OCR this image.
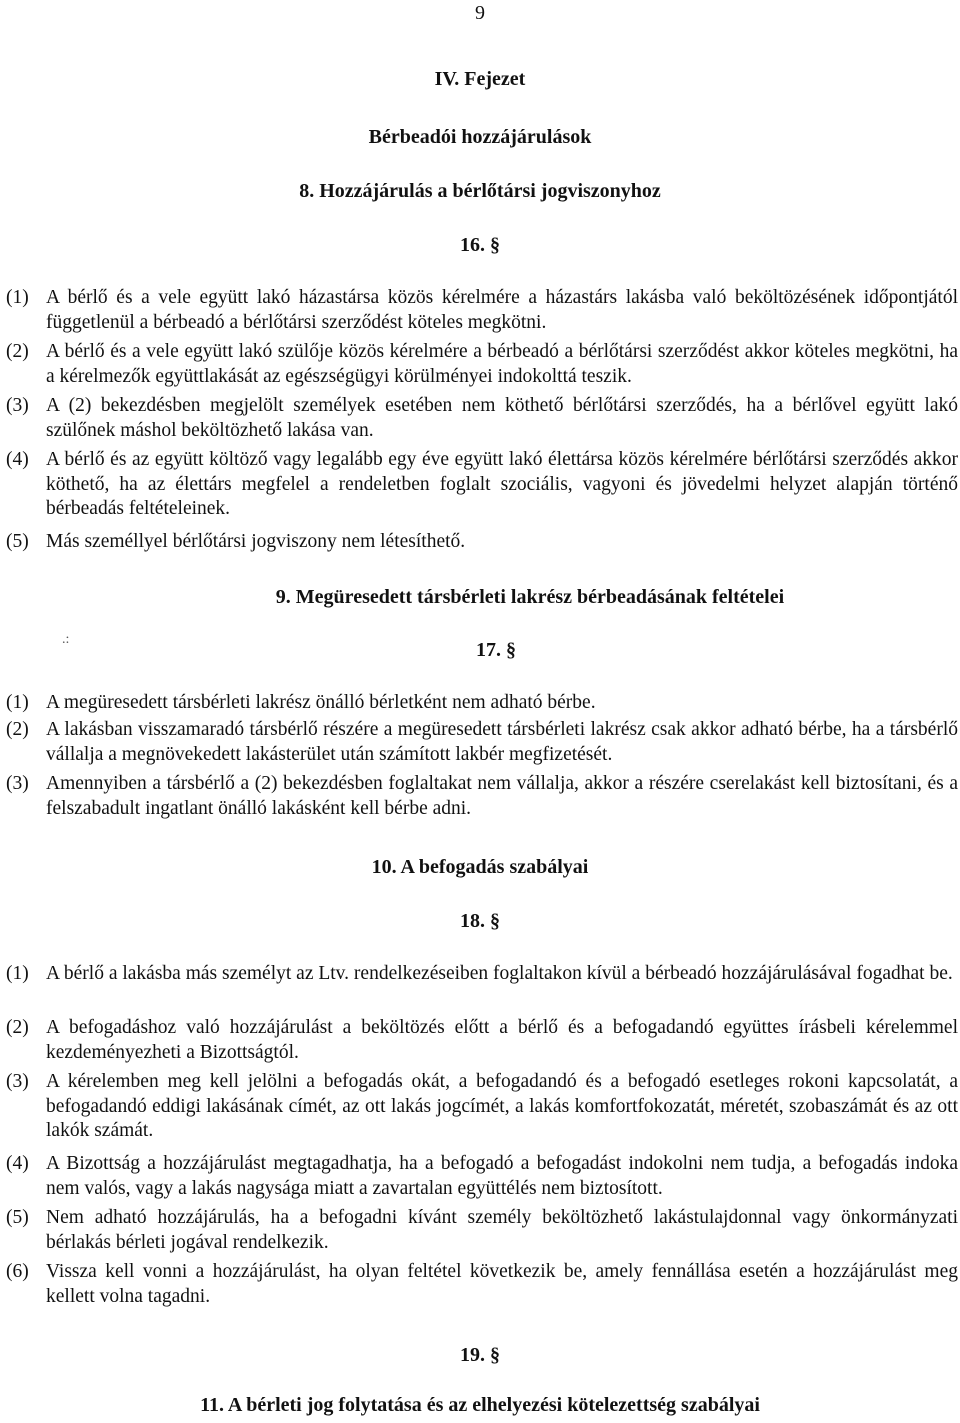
9
IV. Fejezet
Bérbeadói hozzájárulások
8. Hozzájárulás a bérlőtársi jogviszonyhoz
16. §
(1) A bérlő és a vele együtt lakó házastársa közös kérelmére a házastárs lakásba való beköltözésének időpontjától függetlenül a bérbeadó a bérlőtársi szerződést köteles megkötni.
(2) A bérlő és a vele együtt lakó szülője közös kérelmére a bérbeadó a bérlőtársi szerződést akkor köteles megkötni, ha a kérelmezők együttlakását az egészségügyi körülményei indokolttá teszik.
(3) A (2) bekezdésben megjelölt személyek esetében nem köthető bérlőtársi szerződés, ha a bérlővel együtt lakó szülőnek máshol beköltözhető lakása van.
(4) A bérlő és az együtt költöző vagy legalább egy éve együtt lakó élettársa közös kérelmére bérlőtársi szerződés akkor köthető, ha az élettárs megfelel a rendeletben foglalt szociális, vagyoni és jövedelmi helyzet alapján történő bérbeadás feltételeinek.
(5) Más személlyel bérlőtársi jogviszony nem létesíthető.
9. Megüresedett társbérleti lakrész bérbeadásának feltételei
.:	17. §
(1) A megüresedett társbérleti lakrész önálló bérletként nem adható bérbe.
(2) A lakásban visszamaradó társbérlő részére a megüresedett társbérleti lakrész csak akkor adható bérbe, ha a társbérlő vállalja a megnövekedett lakásterület után számított lakbér megfizetését.
(3) Amennyiben a társbérlő a (2) bekezdésben foglaltakat nem vállalja, akkor a részére cserelakást kell biztosítani, és a felszabadult ingatlant önálló lakásként kell bérbe adni.
10. A befogadás szabályai
18. §
(1) A bérlő a lakásba más személyt az Ltv. rendelkezéseiben foglaltakon kívül a bérbeadó hozzájárulásával fogadhat be.
(2) A befogadáshoz való hozzájárulást a beköltözés előtt a bérlő és a befogadandó együttes írásbeli kérelemmel kezdeményezheti a Bizottságtól.
(3) A kérelemben meg kell jelölni a befogadás okát, a befogadandó és a befogadó esetleges rokoni kapcsolatát, a befogadandó eddigi lakásának címét, az ott lakás jogcímét, a lakás komfortfokozatát, méretét, szobaszámát és az ott lakók számát.
(4) A Bizottság a hozzájárulást megtagadhatja, ha a befogadó a befogadást indokolni nem tudja, a befogadás indoka nem valós, vagy a lakás nagysága miatt a zavartalan együttélés nem biztosított.
(5) Nem adható hozzájárulás, ha a befogadni kívánt személy beköltözhető lakástulajdonnal vagy önkormányzati bérlakás bérleti jogával rendelkezik.
(6) Vissza kell vonni a hozzájárulást, ha olyan feltétel következik be, amely fennállása esetén a hozzájárulást meg kellett volna tagadni.
19. §
11. A bérleti jog folytatása és az elhelyezési kötelezettség szabályai
